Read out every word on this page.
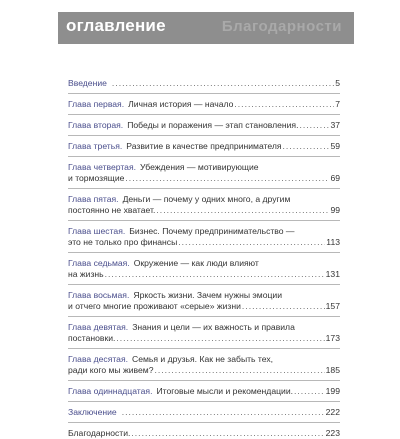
оглавление	Благодарности
Введение .....	5
Глава первая. Личная история — начало .....	7
Глава вторая. Победы и поражения — этап становления. .....	37
Глава третья. Развитие в качестве предпринимателя .....	59
Глава четвертая. Убеждения — мотивирующие
и тормозящие .....	69
Глава пятая. Деньги — почему у одних много, а другим
постоянно не хватает. .....	99
Глава шестая. Бизнес. Почему предпринимательство —
это не только про финансы .....	113
Глава седьмая. Окружение — как люди влияют
на жизнь .....	131
Глава восьмая. Яркость жизни. Зачем нужны эмоции
и отчего многие проживают «серые» жизни .....	157
Глава девятая. Знания и цели — их важность и правила
постановки. .....	173
Глава десятая. Семья и друзья. Как не забыть тех,
ради кого мы живем? .....	185
Глава одиннадцатая. Итоговые мысли и рекомендации. .....	199
Заключение .....	222
Благодарности. .....	223
